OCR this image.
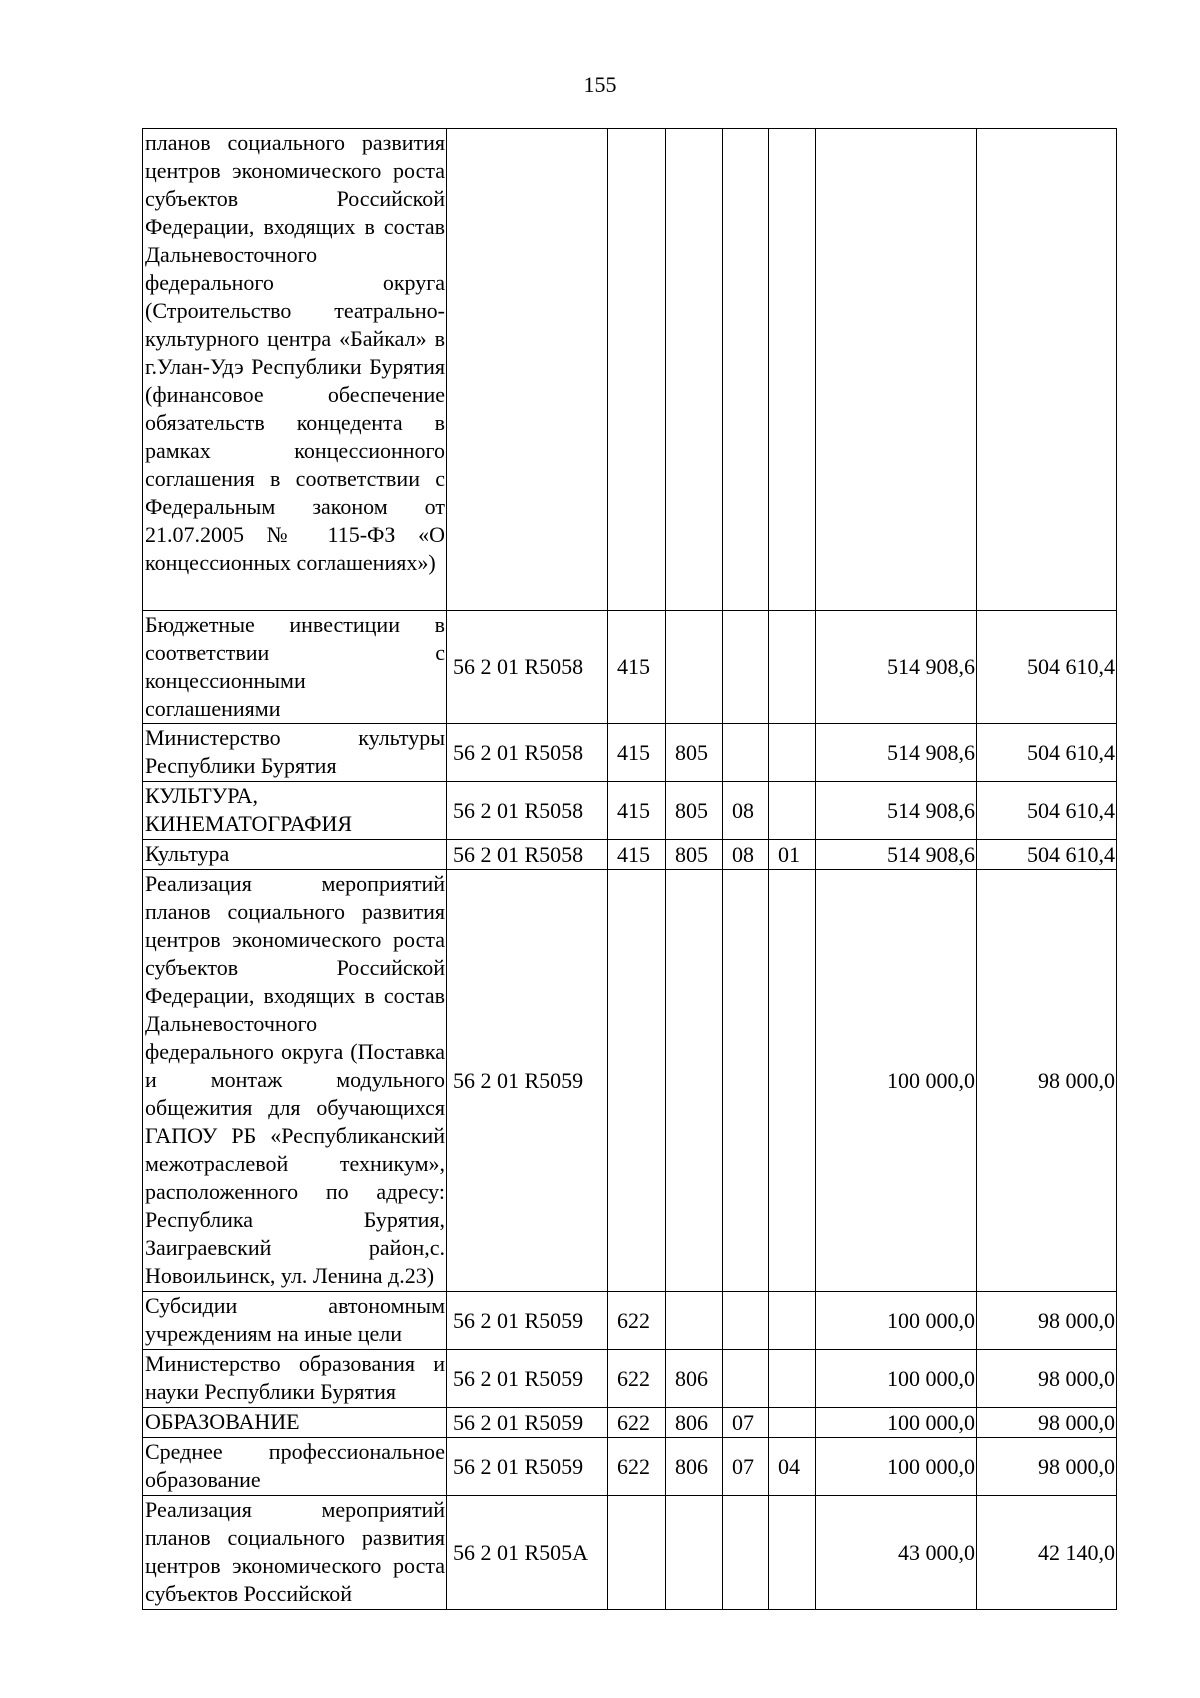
155
планов социального развития центров экономического роста субъектов Российской Федерации, входящих в состав Дальневосточного федерального округа (Строительство театрально-культурного центра «Байкал» в г.Улан-Удэ Республики Бурятия (финансовое обеспечение обязательств концедента в рамках концессионного соглашения в соответствии с Федеральным законом от 21.07.2005 № 115-ФЗ «О концессионных соглашениях»)							
Бюджетные инвестиции в соответствии с концессионными соглашениями	56 2 01 R5058	415				514 908,6	504 610,4
Министерство культуры Республики Бурятия	56 2 01 R5058	415	805			514 908,6	504 610,4
КУЛЬТУРА, КИНЕМАТОГРАФИЯ	56 2 01 R5058	415	805	08		514 908,6	504 610,4
Культура	56 2 01 R5058	415	805	08	01	514 908,6	504 610,4
Реализация мероприятий планов социального развития центров экономического роста субъектов Российской Федерации, входящих в состав Дальневосточного федерального округа (Поставка и монтаж модульного общежития для обучающихся ГАПОУ РБ «Республиканский межотраслевой техникум», расположенного по адресу: Республика Бурятия, Заиграевский район,с. Новоильинск, ул. Ленина д.23)	56 2 01 R5059					100 000,0	98 000,0
Субсидии автономным учреждениям на иные цели	56 2 01 R5059	622				100 000,0	98 000,0
Министерство образования и науки Республики Бурятия	56 2 01 R5059	622	806			100 000,0	98 000,0
ОБРАЗОВАНИЕ	56 2 01 R5059	622	806	07		100 000,0	98 000,0
Среднее профессиональное образование	56 2 01 R5059	622	806	07	04	100 000,0	98 000,0
Реализация мероприятий планов социального развития центров экономического роста субъектов Российской	56 2 01 R505A					43 000,0	42 140,0
